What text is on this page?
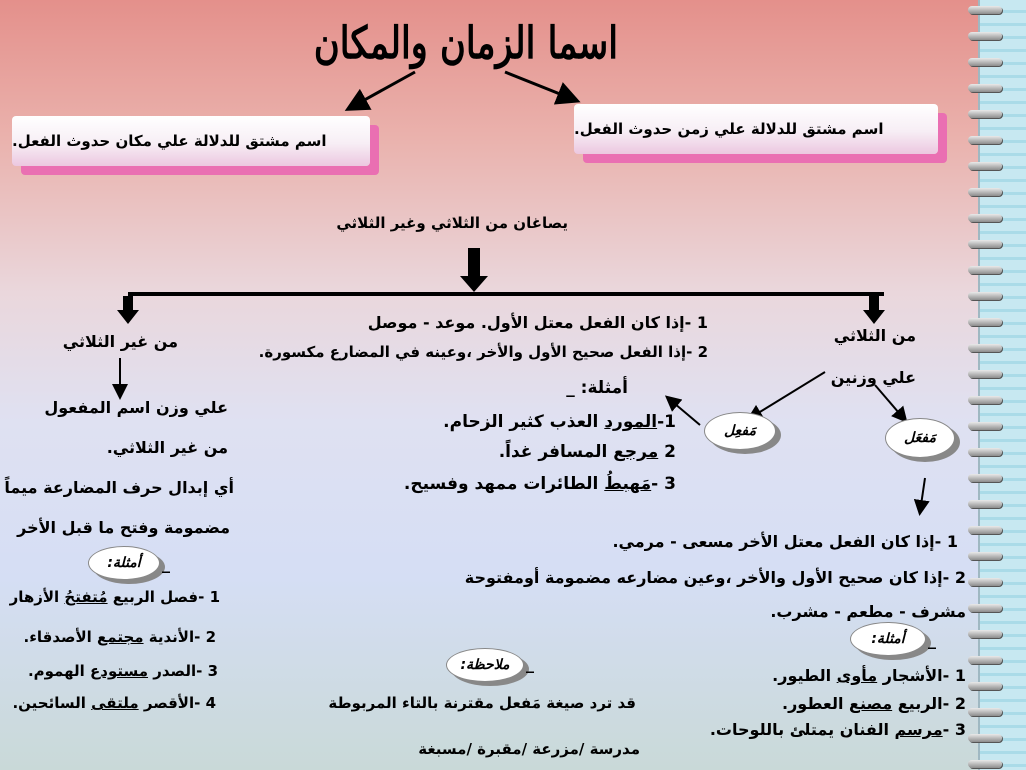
اسما الزمان والمكان
اسم مشتق للدلالة علي زمن حدوث الفعل.
اسم مشتق للدلالة علي مكان حدوث الفعل.
يصاغان من الثلاثي وغير الثلاثي
من الثلاثي
من غير الثلاثي
علي وزنين
مَفعَل
مَفعِل
1 -إذا كان الفعل معتل الأول. موعد - موصل
2 -إذا الفعل صحيح الأول والأخر ،وعينه في المضارع مكسورة.
أمثلة: _
1-المورد العذب كثير الزحام.
2 مرجع المسافر غداً.
3 -مَهبطُ الطائرات ممهد وفسيح.
علي وزن اسم المفعول
من غير الثلاثي.
أي إبدال حرف المضارعة ميماً
مضمومة وفتح ما قبل الأخر
أمثلة:	_
1 -فصل الربيع مُتفتحُ الأزهار
2 -الأندية مجتمع الأصدقاء.
3 -الصدر مستودع الهموم.
4 -الأقصر ملتقى السائحين.
ملاحظة:	_
قد ترد صيغة مَفعل مقترنة بالتاء المربوطة
مدرسة /مزرعة /مقبرة /مسبغة
1 -إذا كان الفعل معتل الأخر مسعى - مرمي.
2 -إذا كان صحيح الأول والأخر ،وعين مضارعه مضمومة أومفتوحة
مشرف - مطعم - مشرب.
أمثلة:	_
1 -الأشجار مأوى الطيور.
2 -الربيع مصنع العطور.
3 -مرسم الفنان يمتلئ باللوحات.
